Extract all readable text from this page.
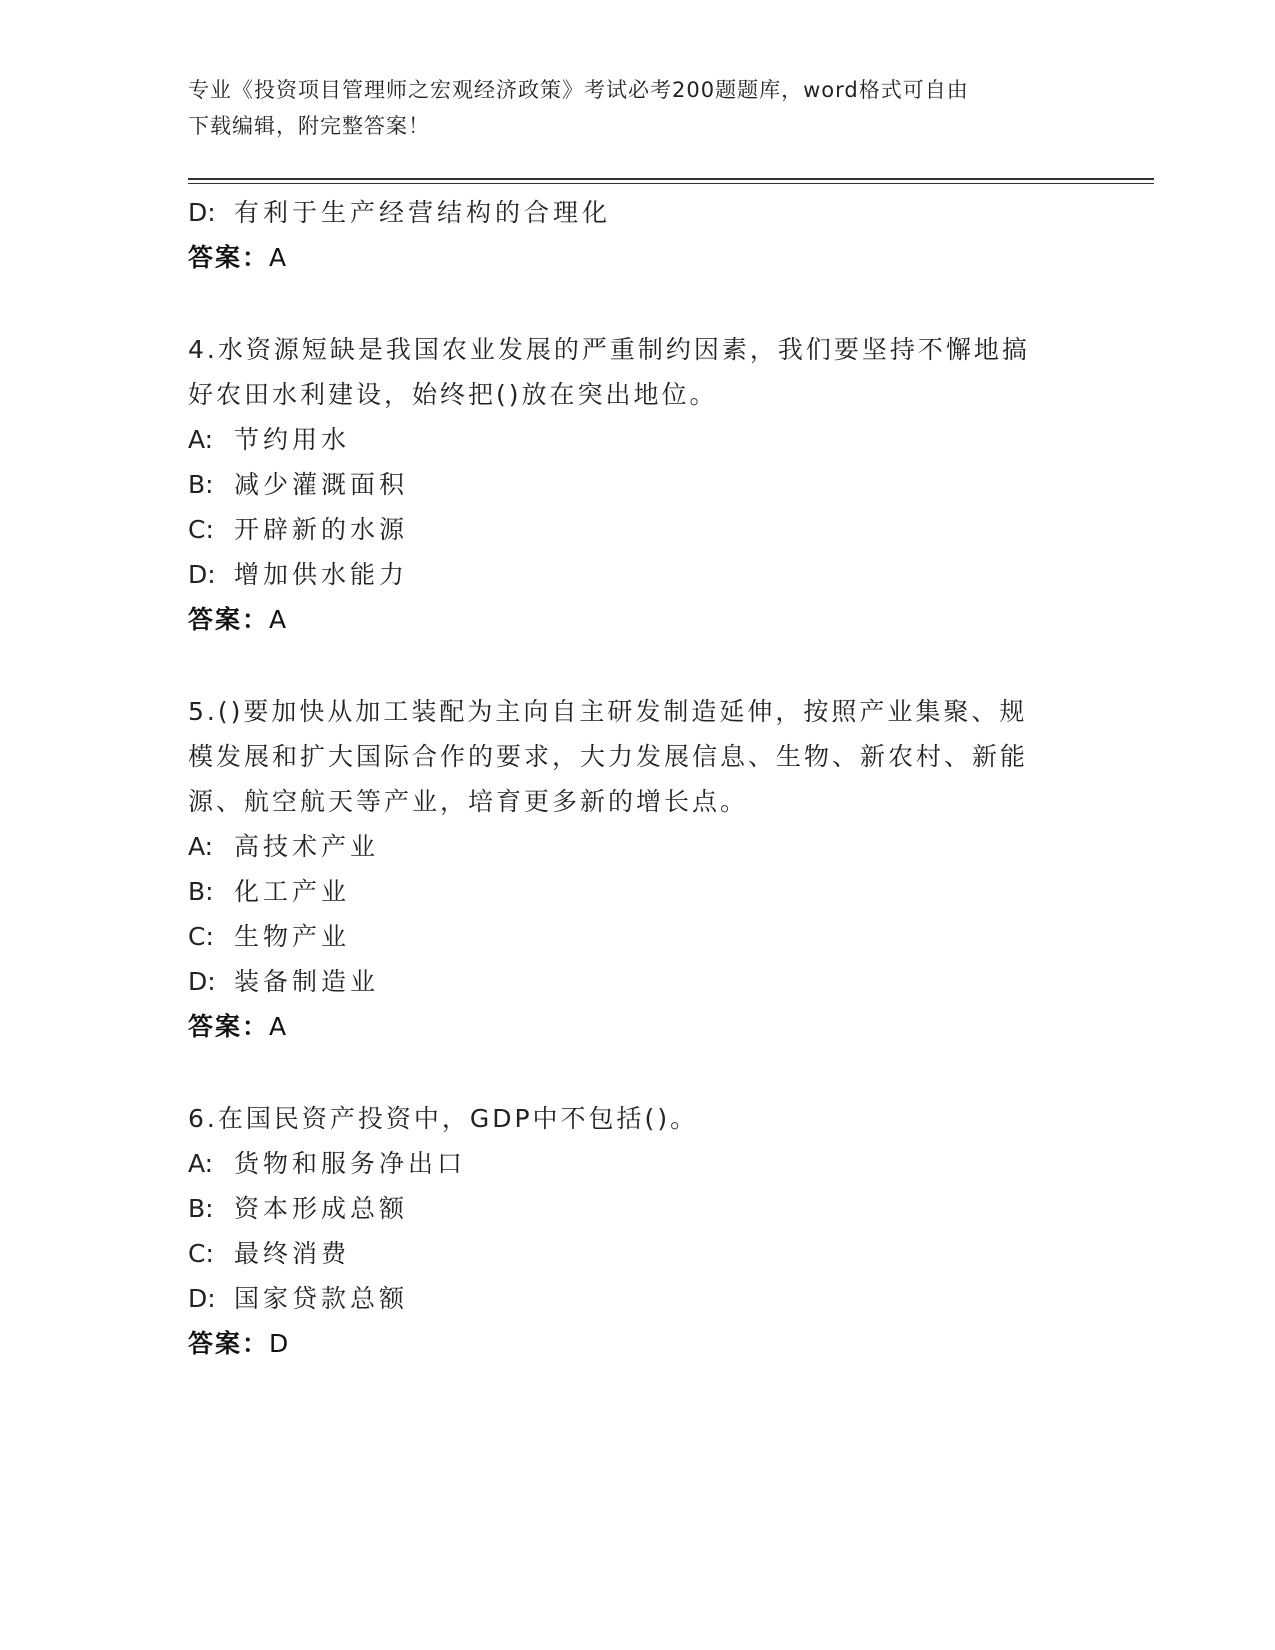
专业《投资项目管理师之宏观经济政策》考试必考200题题库，word格式可自由
下载编辑，附完整答案！
D: 有利于生产经营结构的合理化
答案：A
4.水资源短缺是我国农业发展的严重制约因素，我们要坚持不懈地搞
好农田水利建设，始终把()放在突出地位。
A: 节约用水
B: 减少灌溉面积
C: 开辟新的水源
D: 增加供水能力
答案：A
5.()要加快从加工装配为主向自主研发制造延伸，按照产业集聚、规
模发展和扩大国际合作的要求，大力发展信息、生物、新农村、新能
源、航空航天等产业，培育更多新的增长点。
A: 高技术产业
B: 化工产业
C: 生物产业
D: 装备制造业
答案：A
6.在国民资产投资中，GDP中不包括()。
A: 货物和服务净出口
B: 资本形成总额
C: 最终消费
D: 国家贷款总额
答案：D
